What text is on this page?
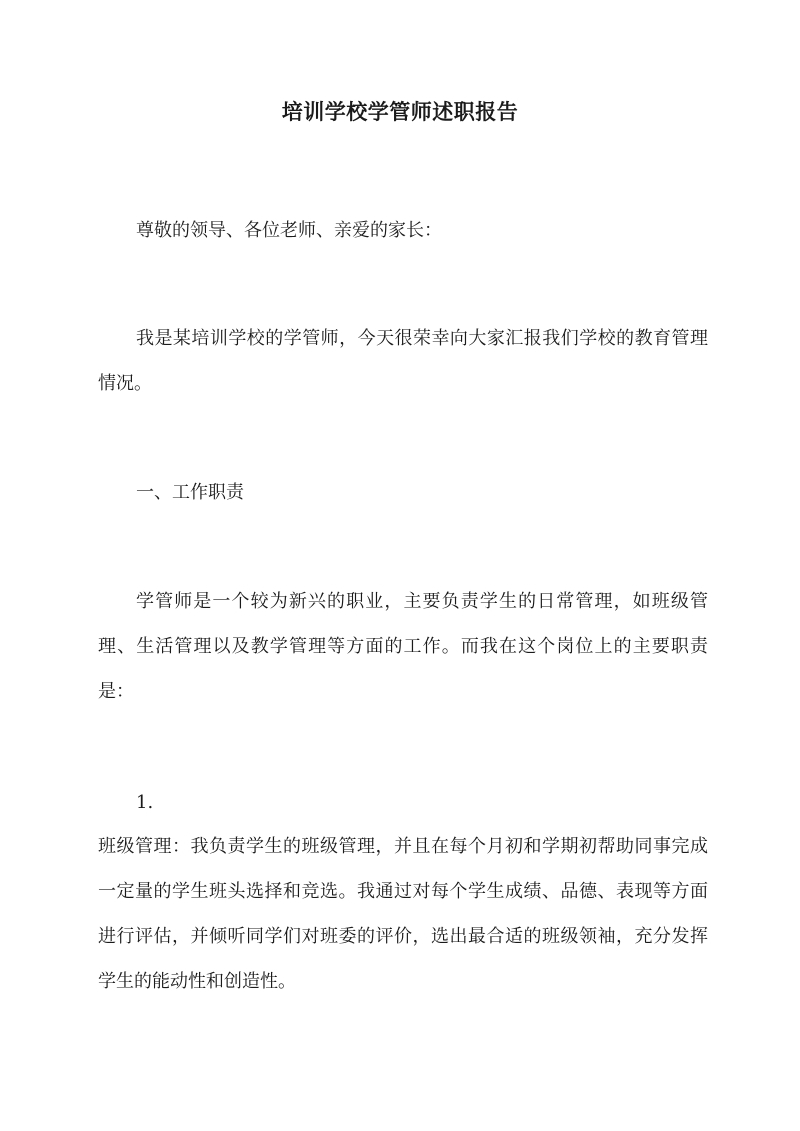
培训学校学管师述职报告

尊敬的领导、各位老师、亲爱的家长：

我是某培训学校的学管师，今天很荣幸向大家汇报我们学校的教育管理情况。

一、工作职责

学管师是一个较为新兴的职业，主要负责学生的日常管理，如班级管理、生活管理以及教学管理等方面的工作。而我在这个岗位上的主要职责是：

1.

班级管理：我负责学生的班级管理，并且在每个月初和学期初帮助同事完成一定量的学生班头选择和竞选。我通过对每个学生成绩、品德、表现等方面进行评估，并倾听同学们对班委的评价，选出最合适的班级领袖，充分发挥学生的能动性和创造性。
